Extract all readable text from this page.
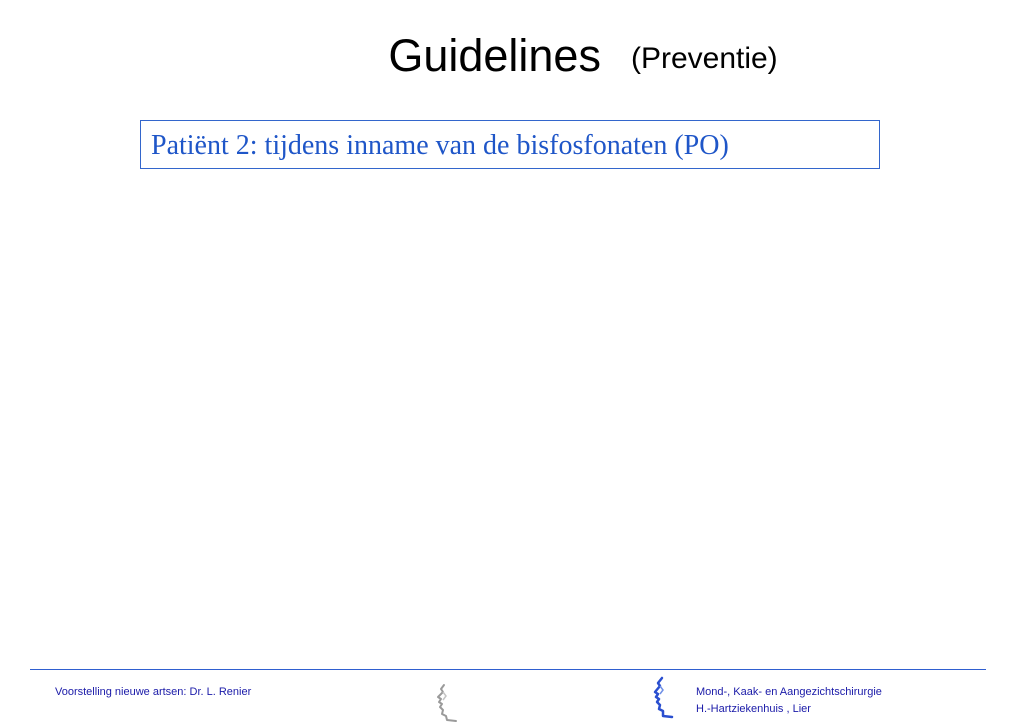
Guidelines (Preventie)
Patiënt 2: tijdens inname van de bisfosfonaten (PO)
Voorstelling nieuwe artsen: Dr. L. Renier	Mond-, Kaak- en Aangezichtschirurgie
H.-Hartziekenhuis , Lier
